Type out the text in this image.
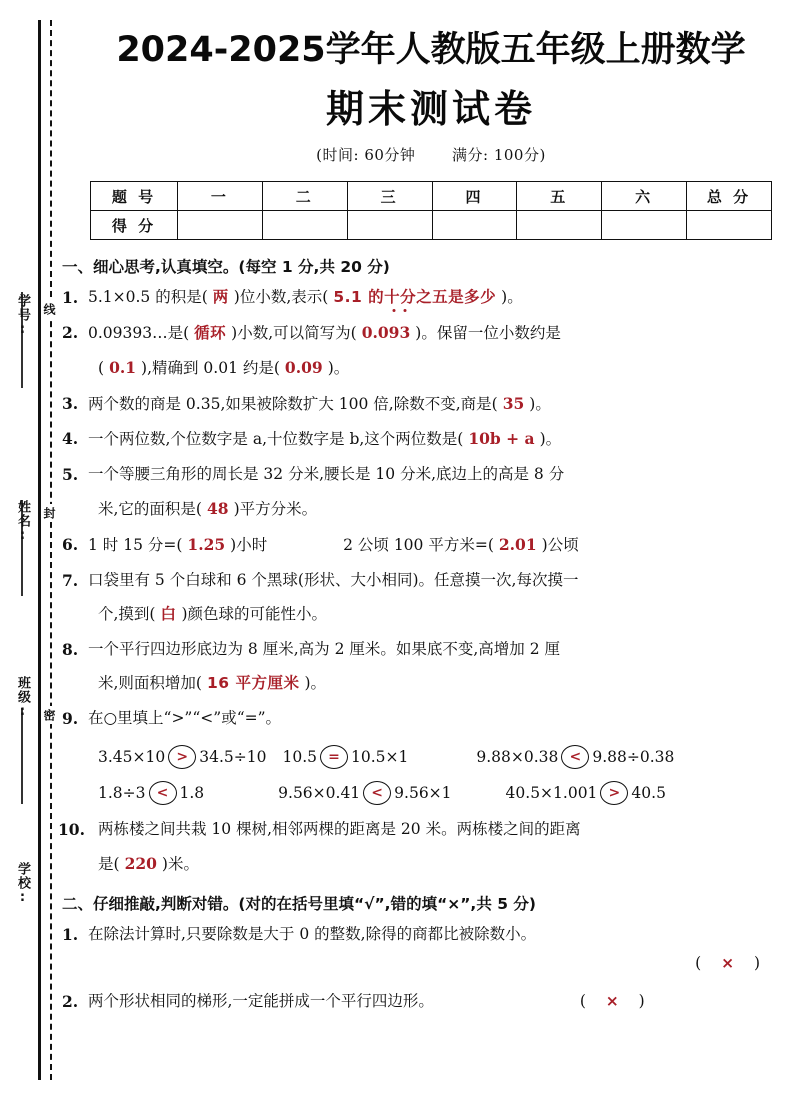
学号:
姓名:
班级:
学校:
线
封
密
2024-2025学年人教版五年级上册数学
期末测试卷
(时间: 60分钟 满分: 100分)
题 号	一	二	三	四	五	六	总 分
得 分							
一、细心思考,认真填空。(每空 1 分,共 20 分)
1. 5.1×0.5 的积是( 两 )位小数,表示( 5.1 的十分之五是多少 )。
2. 0.09393…是( 循环 )小数,可以简写为( 0.093 )。保留一位小数约是
( 0.1 ),精确到 0.01 约是( 0.09 )。
3. 两个数的商是 0.35,如果被除数扩大 100 倍,除数不变,商是( 35 )。
4. 一个两位数,个位数字是 a,十位数字是 b,这个两位数是( 10b + a )。
5. 一个等腰三角形的周长是 32 分米,腰长是 10 分米,底边上的高是 8 分
米,它的面积是( 48 )平方分米。
6. 1 时 15 分=( 1.25 )小时	2 公顷 100 平方米=( 2.01 )公顷
7. 口袋里有 5 个白球和 6 个黑球(形状、大小相同)。任意摸一次,每次摸一
个,摸到( 白 )颜色球的可能性小。
8. 一个平行四边形底边为 8 厘米,高为 2 厘米。如果底不变,高增加 2 厘
米,则面积增加( 16 平方厘米 )。
9. 在○里填上“>”“<”或“=”。
3.45×10 > 34.5÷10 10.5 = 10.5×1	9.88×0.38 < 9.88÷0.38
1.8÷3 < 1.8	9.56×0.41 < 9.56×1	40.5×1.001 > 40.5
10. 两栋楼之间共栽 10 棵树,相邻两棵的距离是 20 米。两栋楼之间的距离
是( 220 )米。
二、仔细推敲,判断对错。(对的在括号里填“√”,错的填“×”,共 5 分)
1. 在除法计算时,只要除数是大于 0 的整数,除得的商都比被除数小。
( × )
2. 两个形状相同的梯形,一定能拼成一个平行四边形。	( × )
